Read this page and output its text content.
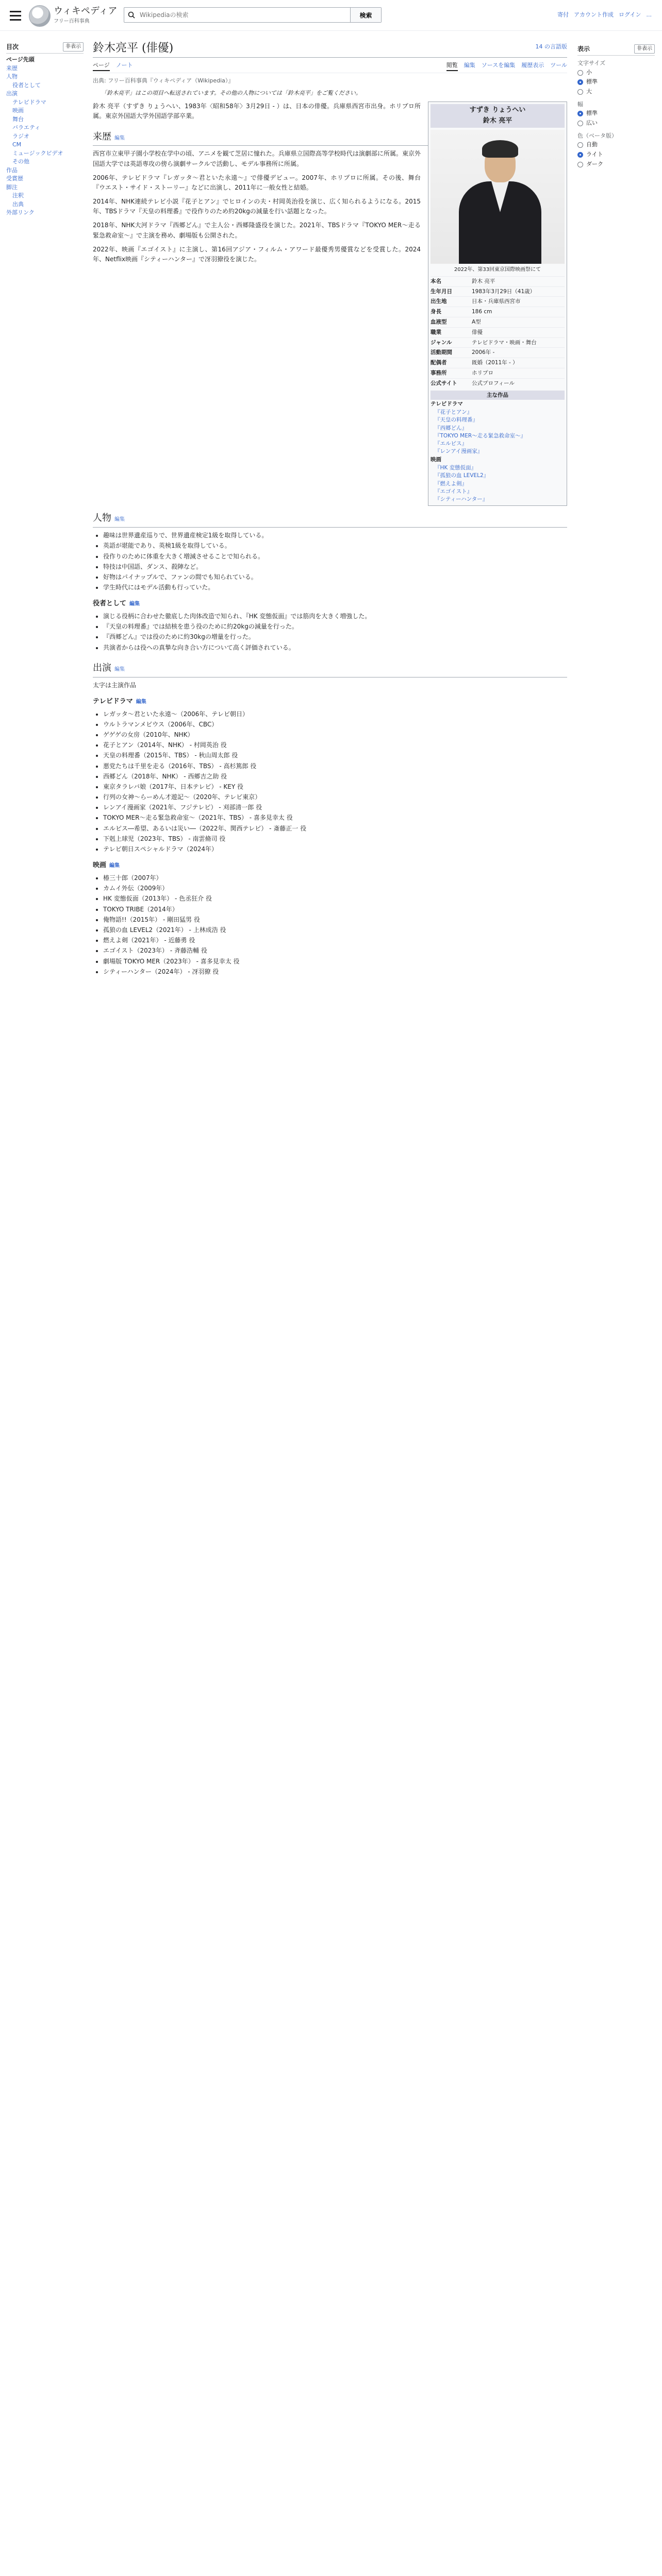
ウィキペディア
フリー百科事典
Wikipediaの検索
検索	寄付 アカウント作成 ログイン ...
目次	非表示
ページ先頭
来歴
人物
役者として
出演
テレビドラマ
映画
舞台
バラエティ
ラジオ
CM
ミュージックビデオ
その他
作品
受賞歴
脚注
注釈
出典
外部リンク
表示	非表示
文字サイズ
小
標準
大
幅
標準
広い
色（ベータ版）
自動
ライト
ダーク
鈴木亮平 (俳優)	14 の言語版
ページ ノート	閲覧 編集 ソースを編集 履歴表示 ツール
出典: フリー百科事典『ウィキペディア（Wikipedia）』
「鈴木亮平」はこの項目へ転送されています。その他の人物については「鈴木亮平」をご覧ください。
すずき りょうへい
鈴木 亮平
2022年、第33回東京国際映画祭にて
本名	鈴木 亮平
生年月日	1983年3月29日（41歳）
出生地	日本・兵庫県西宮市
身長	186 cm
血液型	A型
職業	俳優
ジャンル	テレビドラマ・映画・舞台
活動期間	2006年 -
配偶者	既婚（2011年 - ）
事務所	ホリプロ
公式サイト	公式プロフィール
主な作品
テレビドラマ
『花子とアン』
『天皇の料理番』
『西郷どん』
『TOKYO MER〜走る緊急救命室〜』
『エルピス』
『レンアイ漫画家』
映画
『HK 変態仮面』
『孤狼の血 LEVEL2』
『燃えよ剣』
『エゴイスト』
『シティーハンター』

鈴木 亮平（すずき りょうへい、1983年〈昭和58年〉3月29日 - ）は、日本の俳優。兵庫県西宮市出身。ホリプロ所属。東京外国語大学外国語学部卒業。

来歴 編集

西宮市立東甲子園小学校在学中の頃、アニメを観て芝居に憧れた。兵庫県立国際高等学校時代は演劇部に所属。東京外国語大学では英語専攻の傍ら演劇サークルで活動し、モデル事務所に所属。

2006年、テレビドラマ『レガッタ〜君といた永遠〜』で俳優デビュー。2007年、ホリプロに所属。その後、舞台『ウエスト・サイド・ストーリー』などに出演し、2011年に一般女性と結婚。

2014年、NHK連続テレビ小説『花子とアン』でヒロインの夫・村岡英治役を演じ、広く知られるようになる。2015年、TBSドラマ『天皇の料理番』で役作りのため約20kgの減量を行い話題となった。

2018年、NHK大河ドラマ『西郷どん』で主人公・西郷隆盛役を演じた。2021年、TBSドラマ『TOKYO MER〜走る緊急救命室〜』で主演を務め、劇場版も公開された。

2022年、映画『エゴイスト』に主演し、第16回アジア・フィルム・アワード最優秀男優賞などを受賞した。2024年、Netflix映画『シティーハンター』で冴羽獠役を演じた。

人物 編集
• 趣味は世界遺産巡りで、世界遺産検定1級を取得している。
• 英語が堪能であり、英検1級を取得している。
• 役作りのために体重を大きく増減させることで知られる。
• 特技は中国語、ダンス、殺陣など。
• 好物はパイナップルで、ファンの間でも知られている。
• 学生時代にはモデル活動も行っていた。
役者として 編集
• 演じる役柄に合わせた徹底した肉体改造で知られ、『HK 変態仮面』では筋肉を大きく増強した。
• 『天皇の料理番』では結核を患う役のために約20kgの減量を行った。
• 『西郷どん』では役のために約30kgの増量を行った。
• 共演者からは役への真摯な向き合い方について高く評価されている。
出演 編集

太字は主演作品

テレビドラマ 編集
• レガッタ〜君といた永遠〜（2006年、テレビ朝日）
• ウルトラマンメビウス（2006年、CBC）
• ゲゲゲの女房（2010年、NHK）
• 花子とアン（2014年、NHK） - 村岡英治 役
• 天皇の料理番（2015年、TBS） - 秋山周太郎 役
• 悪党たちは千里を走る（2016年、TBS） - 高杉篤郎 役
• 西郷どん（2018年、NHK） - 西郷吉之助 役
• 東京タラレバ娘（2017年、日本テレビ） - KEY 役
• 行列の女神〜らーめん才遊記〜（2020年、テレビ東京）
• レンアイ漫画家（2021年、フジテレビ） - 刈部清一郎 役
• TOKYO MER〜走る緊急救命室〜（2021年、TBS） - 喜多見幸太 役
• エルピス―希望、あるいは災い―（2022年、関西テレビ） - 斎藤正一 役
• 下剋上球児（2023年、TBS） - 南雲脩司 役
• テレビ朝日スペシャルドラマ（2024年）
映画 編集
• 椿三十郎（2007年）
• カムイ外伝（2009年）
• HK 変態仮面（2013年） - 色丞狂介 役
• TOKYO TRIBE（2014年）
• 俺物語!!（2015年） - 剛田猛男 役
• 孤狼の血 LEVEL2（2021年） - 上林成浩 役
• 燃えよ剣（2021年） - 近藤勇 役
• エゴイスト（2023年） - 斉藤浩輔 役
• 劇場版 TOKYO MER（2023年） - 喜多見幸太 役
• シティーハンター（2024年） - 冴羽獠 役
